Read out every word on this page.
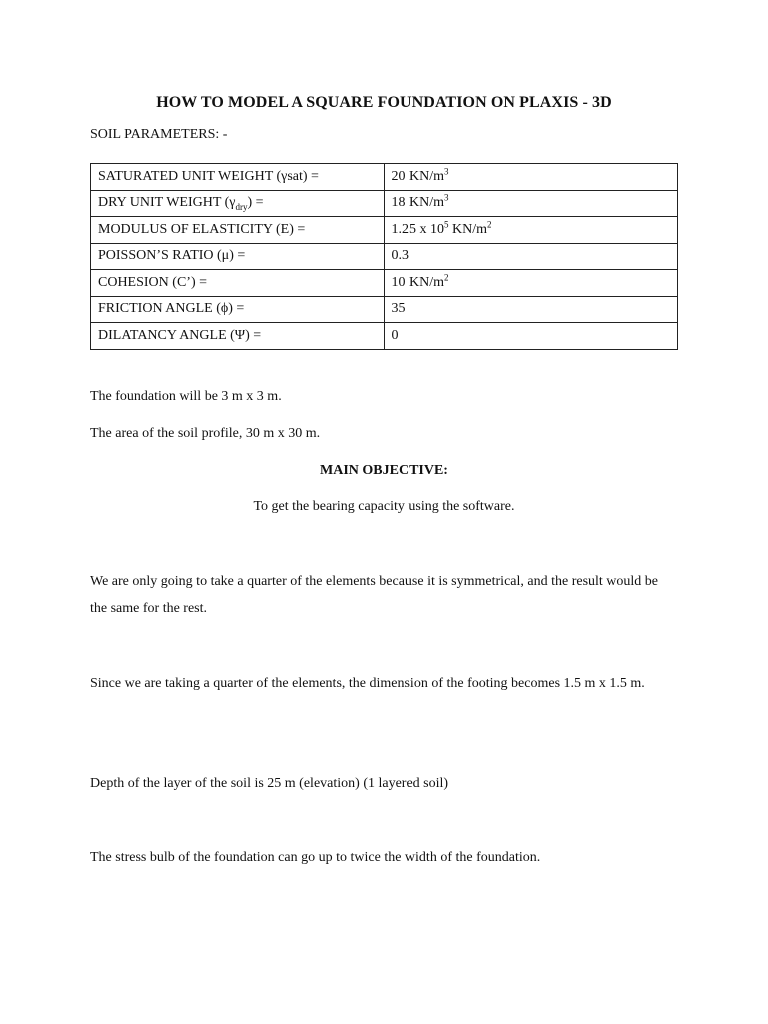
HOW TO MODEL A SQUARE FOUNDATION ON PLAXIS - 3D
SOIL PARAMETERS: -
SATURATED UNIT WEIGHT (γsat) =	20 $KN/m^3$
DRY UNIT WEIGHT $(\gamma_{dry})$ =	18 $KN/m^3$
MODULUS OF ELASTICITY (E) =	1.25 x $10^5$ $KN/m^2$
POISSON’S RATIO (μ) =	0.3
COHESION (C’) =	10 $KN/m^2$
FRICTION ANGLE (ϕ) =	35
DILATANCY ANGLE (Ψ) =	0
The foundation will be 3 m x 3 m.
The area of the soil profile, 30 m x 30 m.
MAIN OBJECTIVE:
To get the bearing capacity using the software.
We are only going to take a quarter of the elements because it is symmetrical, and the result would be the same for the rest.
Since we are taking a quarter of the elements, the dimension of the footing becomes 1.5 m x 1.5 m.
Depth of the layer of the soil is 25 m (elevation) (1 layered soil)
The stress bulb of the foundation can go up to twice the width of the foundation.
